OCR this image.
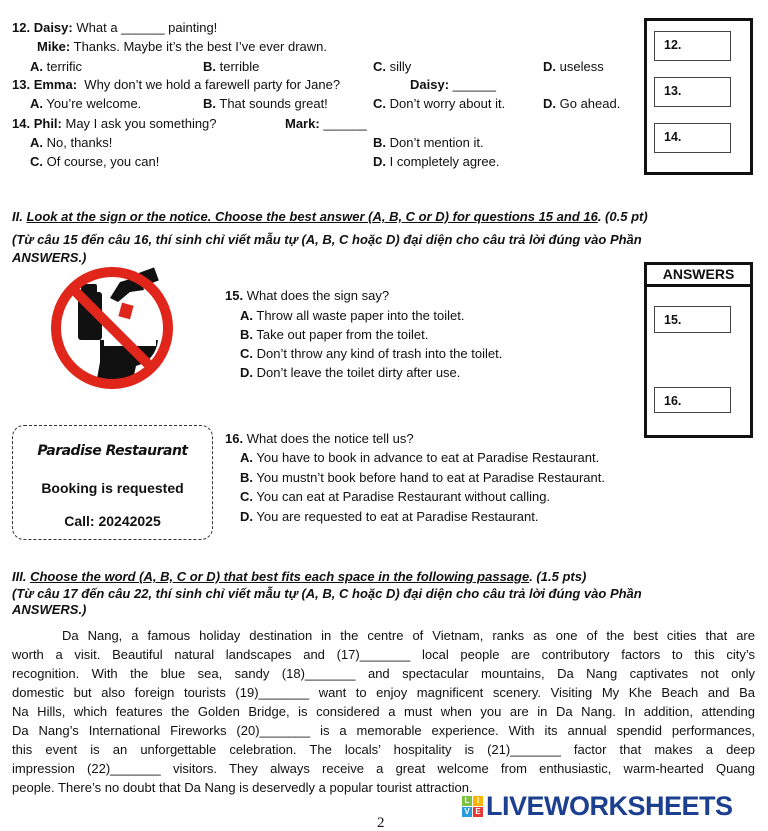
12. Daisy: What a ______ painting!
Mike: Thanks. Maybe it’s the best I’ve ever drawn.
A. terrific	B. terrible	C. silly	D. useless
13. Emma: Why don’t we hold a farewell party for Jane?	Daisy: ______
A. You’re welcome.	B. That sounds great!	C. Don’t worry about it.	D. Go ahead.
14. Phil: May I ask you something?	Mark: ______
A. No, thanks!	B. Don’t mention it.
C. Of course, you can!	D. I completely agree.
12.
13.
14.
II. Look at the sign or the notice. Choose the best answer (A, B, C or D) for questions 15 and 16. (0.5 pt)
(Từ câu 15 đến câu 16, thí sinh chỉ viết mẫu tự (A, B, C hoặc D) đại diện cho câu trả lời đúng vào Phần
ANSWERS.)
ANSWERS
15.
16.
15. What does the sign say?
A. Throw all waste paper into the toilet.
B. Take out paper from the toilet.
C. Don’t throw any kind of trash into the toilet.
D. Don’t leave the toilet dirty after use.
Paradise Restaurant
Booking is requested
Call: 20242025
16. What does the notice tell us?
A. You have to book in advance to eat at Paradise Restaurant.
B. You mustn’t book before hand to eat at Paradise Restaurant.
C. You can eat at Paradise Restaurant without calling.
D. You are requested to eat at Paradise Restaurant.
III. Choose the word (A, B, C or D) that best fits each space in the following passage. (1.5 pts)
(Từ câu 17 đến câu 22, thí sinh chỉ viết mẫu tự (A, B, C hoặc D) đại diện cho câu trả lời đúng vào Phần
ANSWERS.)
Da Nang, a famous holiday destination in the centre of Vietnam, ranks as one of the best cities that are
worth a visit. Beautiful natural landscapes and (17)_______ local people are contributory factors to this city’s
recognition. With the blue sea, sandy (18)_______ and spectacular mountains, Da Nang captivates not only
domestic but also foreign tourists (19)_______ want to enjoy magnificent scenery. Visiting My Khe Beach and Ba
Na Hills, which features the Golden Bridge, is considered a must when you are in Da Nang. In addition, attending
Da Nang’s International Fireworks (20)_______ is a memorable experience. With its annual spendid performances,
this event is an unforgettable celebration. The locals’ hospitality is (21)_______ factor that makes a deep
impression (22)_______ visitors. They always receive a great welcome from enthusiastic, warm-hearted Quang
people. There’s no doubt that Da Nang is deservedly a popular tourist attraction.
L I
V E LIVEWORKSHEETS
2
